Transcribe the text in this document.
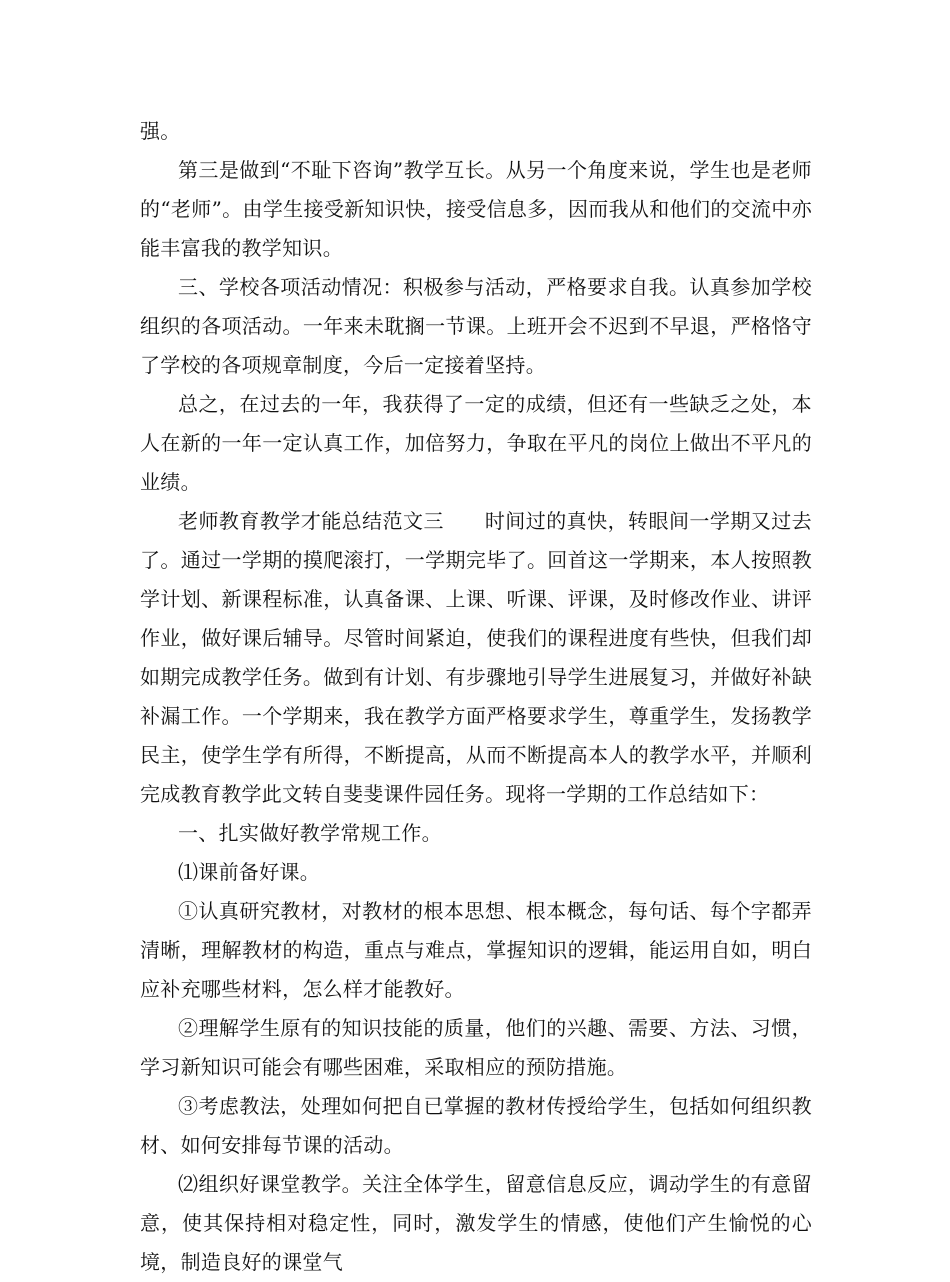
强。

第三是做到“不耻下咨询”教学互长。从另一个角度来说，学生也是老师的“老师”。由学生接受新知识快，接受信息多，因而我从和他们的交流中亦能丰富我的教学知识。

三、学校各项活动情况：积极参与活动，严格要求自我。认真参加学校组织的各项活动。一年来未耽搁一节课。上班开会不迟到不早退，严格恪守了学校的各项规章制度，今后一定接着坚持。

总之，在过去的一年，我获得了一定的成绩，但还有一些缺乏之处，本人在新的一年一定认真工作，加倍努力，争取在平凡的岗位上做出不平凡的业绩。

老师教育教学才能总结范文三　　时间过的真快，转眼间一学期又过去了。通过一学期的摸爬滚打，一学期完毕了。回首这一学期来，本人按照教学计划、新课程标准，认真备课、上课、听课、评课，及时修改作业、讲评作业，做好课后辅导。尽管时间紧迫，使我们的课程进度有些快，但我们却如期完成教学任务。做到有计划、有步骤地引导学生进展复习，并做好补缺补漏工作。一个学期来，我在教学方面严格要求学生，尊重学生，发扬教学民主，使学生学有所得，不断提高，从而不断提高本人的教学水平，并顺利完成教育教学此文转自斐斐课件园任务。现将一学期的工作总结如下：

一、扎实做好教学常规工作。

⑴课前备好课。

①认真研究教材，对教材的根本思想、根本概念，每句话、每个字都弄清晰，理解教材的构造，重点与难点，掌握知识的逻辑，能运用自如，明白应补充哪些材料，怎么样才能教好。

②理解学生原有的知识技能的质量，他们的兴趣、需要、方法、习惯，学习新知识可能会有哪些困难，采取相应的预防措施。

③考虑教法，处理如何把自已掌握的教材传授给学生，包括如何组织教材、如何安排每节课的活动。

⑵组织好课堂教学。关注全体学生，留意信息反应，调动学生的有意留意，使其保持相对稳定性，同时，激发学生的情感，使他们产生愉悦的心境，制造良好的课堂气
